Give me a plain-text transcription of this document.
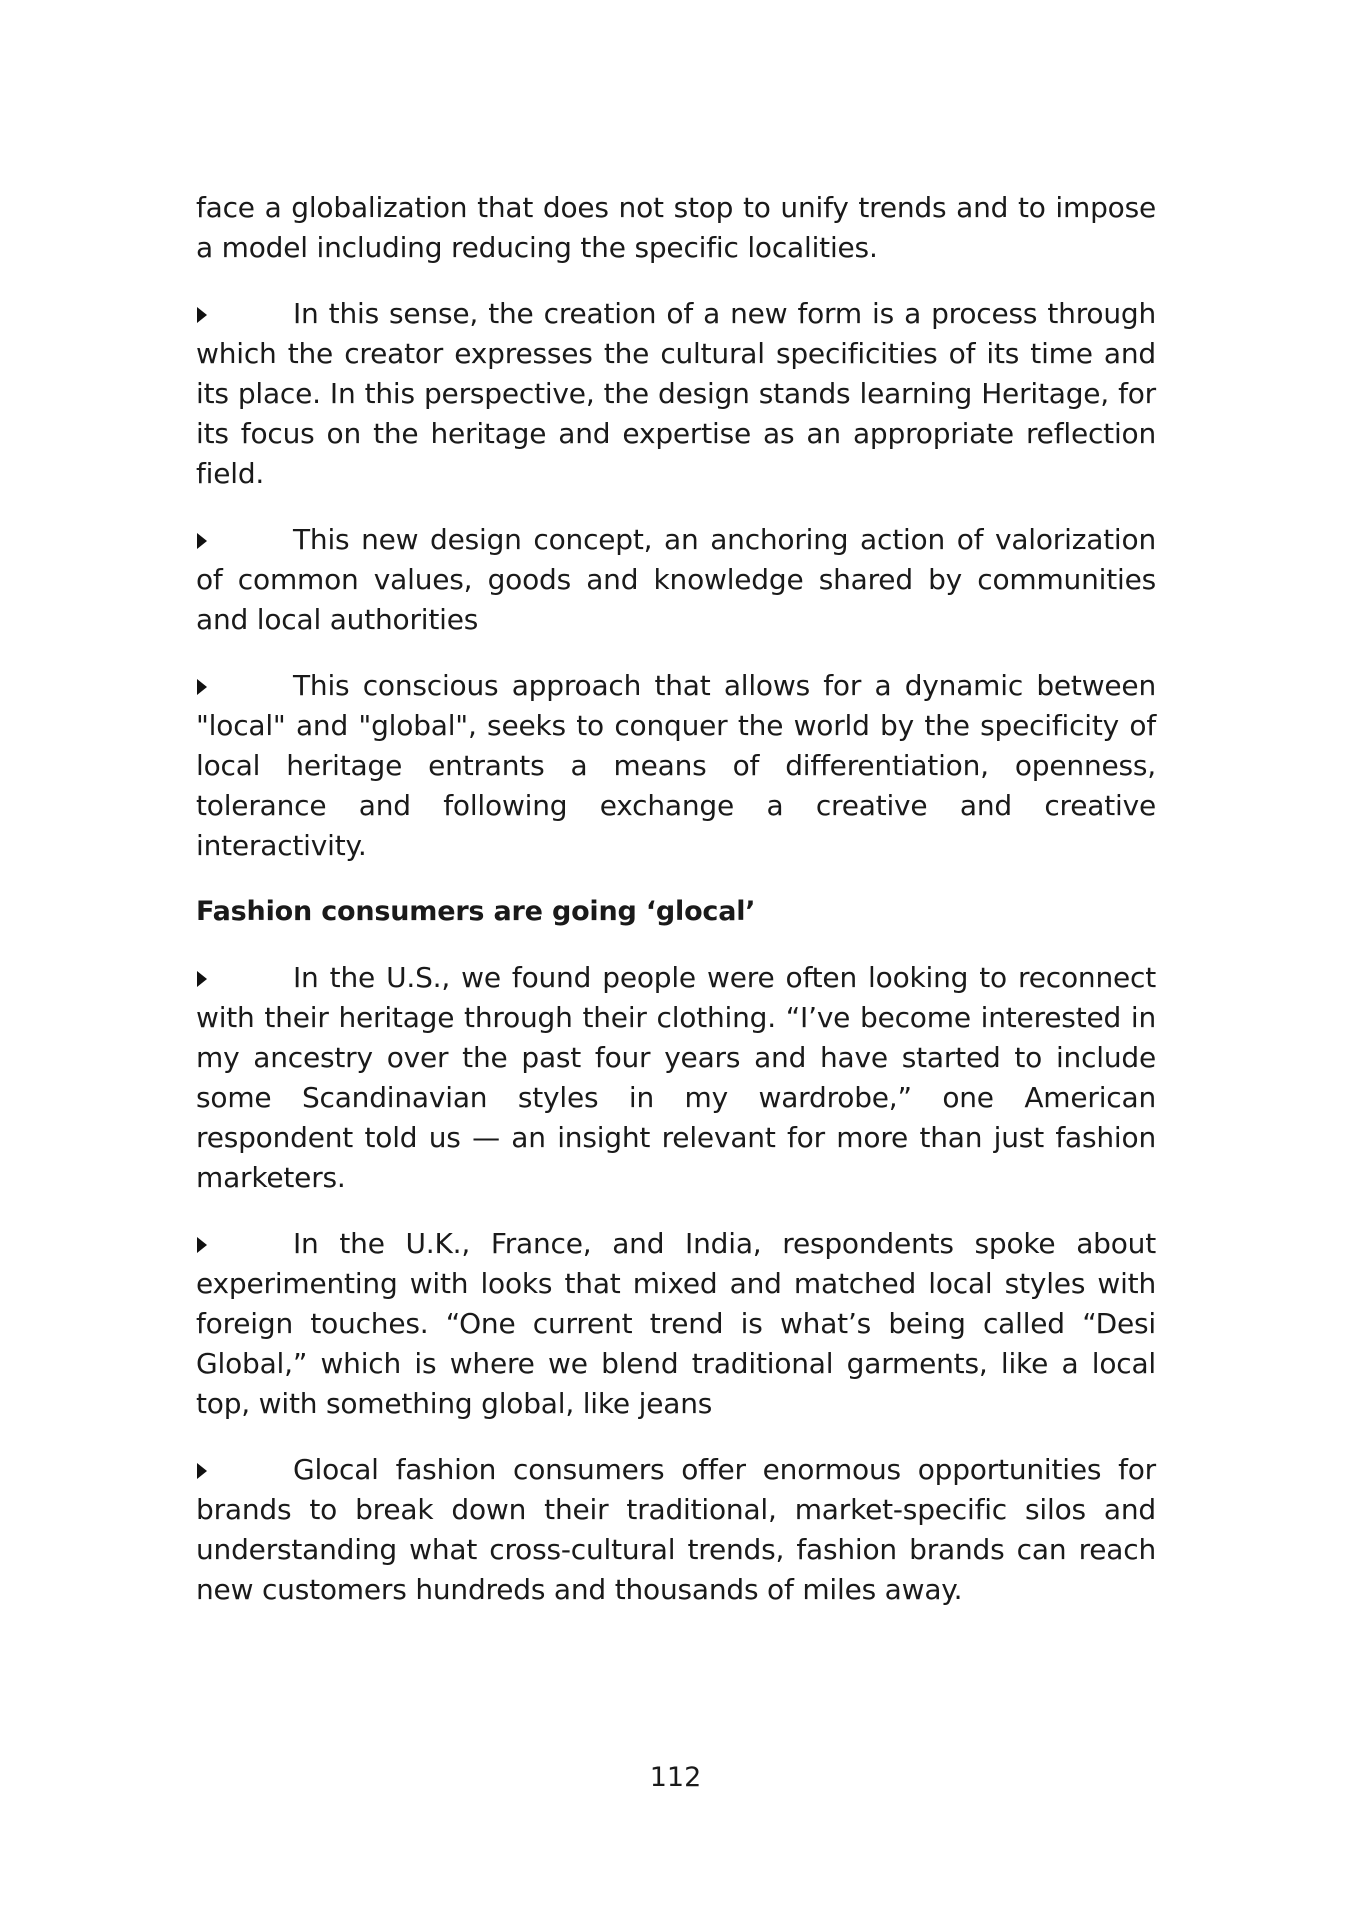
face a globalization that does not stop to unify trends and to impose a model including reducing the specific localities.

In this sense, the creation of a new form is a process through which the creator expresses the cultural specificities of its time and its place. In this perspective, the design stands learning Heritage, for its focus on the heritage and expertise as an appropriate reflection field.

This new design concept, an anchoring action of valorization of common values, goods and knowledge shared by communities and local authorities

This conscious approach that allows for a dynamic between "local" and "global", seeks to conquer the world by the specificity of local heritage entrants a means of differentiation, openness, tolerance and following exchange a creative and creative interactivity.

Fashion consumers are going ‘glocal’

In the U.S., we found people were often looking to reconnect with their heritage through their clothing. “I’ve become interested in my ancestry over the past four years and have started to include some Scandinavian styles in my wardrobe,” one American respondent told us — an insight relevant for more than just fashion marketers.

In the U.K., France, and India, respondents spoke about experimenting with looks that mixed and matched local styles with foreign touches. “One current trend is what’s being called “Desi Global,” which is where we blend traditional garments, like a local top, with something global, like jeans

Glocal fashion consumers offer enormous opportunities for brands to break down their traditional, market-specific silos and understanding what cross-cultural trends, fashion brands can reach new customers hundreds and thousands of miles away.

112
